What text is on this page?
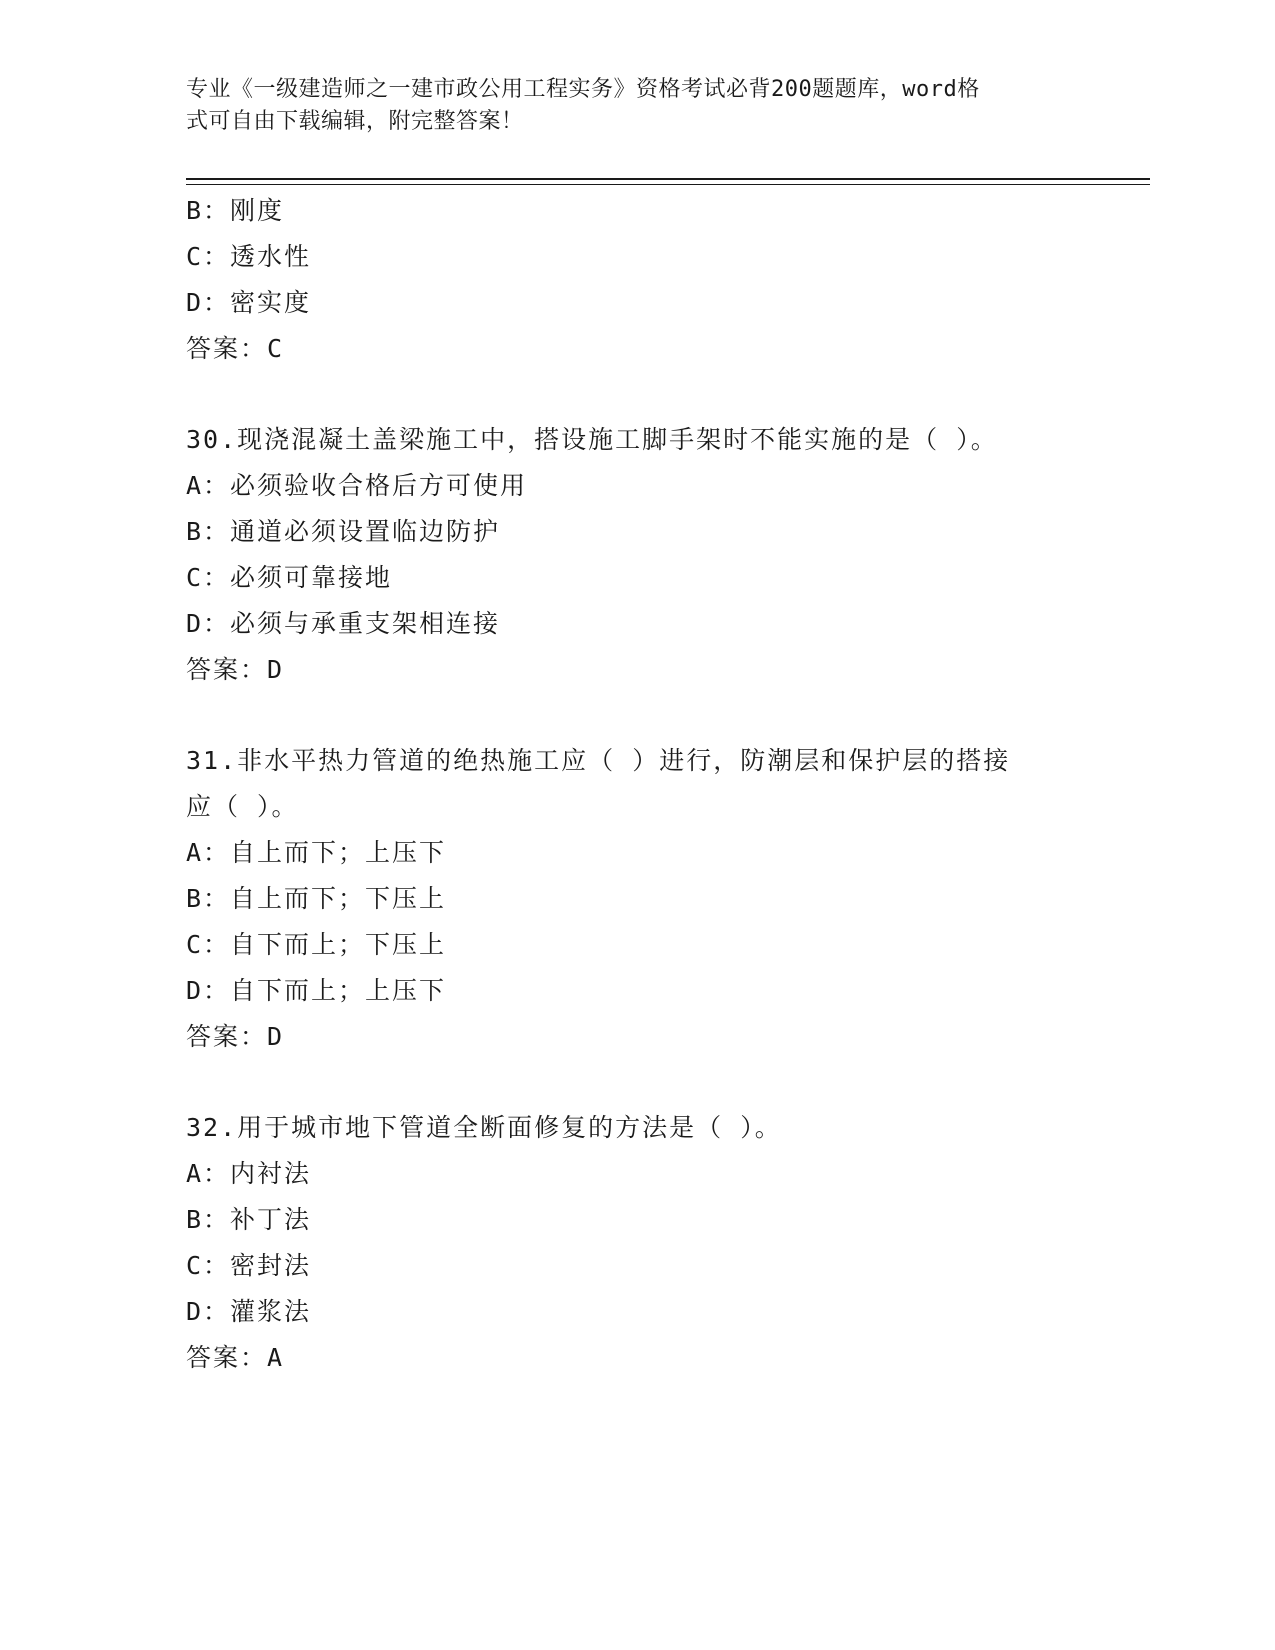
专业《一级建造师之一建市政公用工程实务》资格考试必背200题题库，word格
式可自由下载编辑，附完整答案！
B：刚度
C：透水性
D：密实度
答案：C
30.现浇混凝土盖梁施工中，搭设施工脚手架时不能实施的是（ ）。
A：必须验收合格后方可使用
B：通道必须设置临边防护
C：必须可靠接地
D：必须与承重支架相连接
答案：D
31.非水平热力管道的绝热施工应（ ）进行，防潮层和保护层的搭接
应（ ）。
A：自上而下；上压下
B：自上而下；下压上
C：自下而上；下压上
D：自下而上；上压下
答案：D
32.用于城市地下管道全断面修复的方法是（ ）。
A：内衬法
B：补丁法
C：密封法
D：灌浆法
答案：A
